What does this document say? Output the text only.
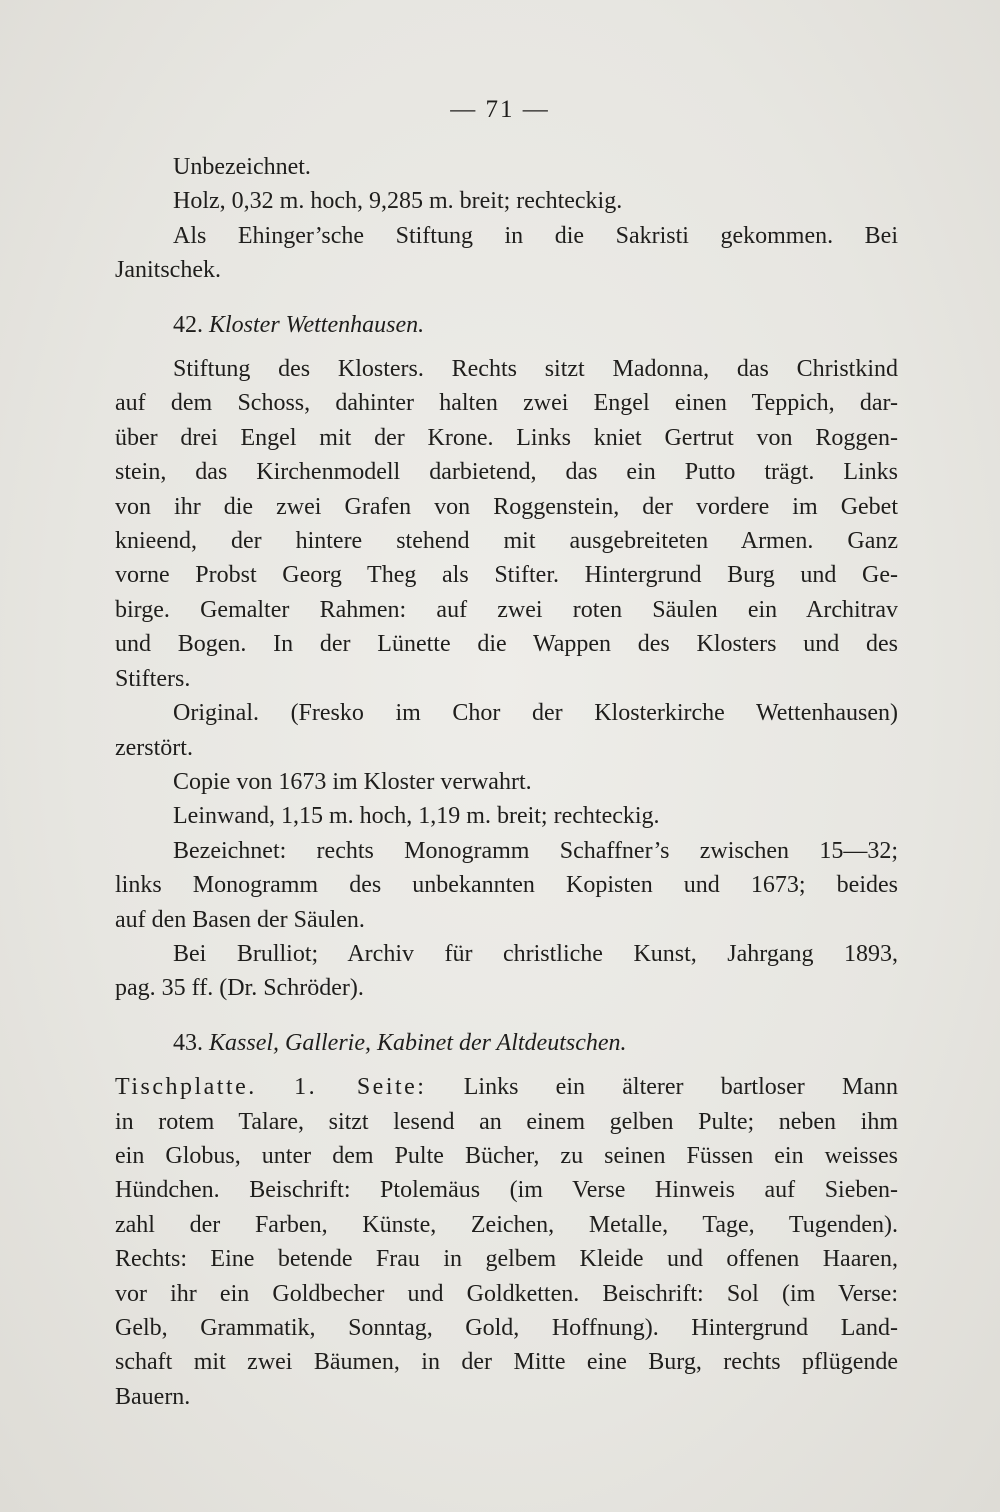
— 71 —
Unbezeichnet.
Holz, 0,32 m. hoch, 9,285 m. breit; rechteckig.
Als Ehinger’sche Stiftung in die Sakristi gekommen. Bei
Janitschek.
42. Kloster Wettenhausen.
Stiftung des Klosters. Rechts sitzt Madonna, das Christkind
auf dem Schoss, dahinter halten zwei Engel einen Teppich, dar-
über drei Engel mit der Krone. Links kniet Gertrut von Roggen-
stein, das Kirchenmodell darbietend, das ein Putto trägt. Links
von ihr die zwei Grafen von Roggenstein, der vordere im Gebet
knieend, der hintere stehend mit ausgebreiteten Armen. Ganz
vorne Probst Georg Theg als Stifter. Hintergrund Burg und Ge-
birge. Gemalter Rahmen: auf zwei roten Säulen ein Architrav
und Bogen. In der Lünette die Wappen des Klosters und des
Stifters.
Original. (Fresko im Chor der Klosterkirche Wettenhausen)
zerstört.
Copie von 1673 im Kloster verwahrt.
Leinwand, 1,15 m. hoch, 1,19 m. breit; rechteckig.
Bezeichnet: rechts Monogramm Schaffner’s zwischen 15—32;
links Monogramm des unbekannten Kopisten und 1673; beides
auf den Basen der Säulen.
Bei Brulliot; Archiv für christliche Kunst, Jahrgang 1893,
pag. 35 ff. (Dr. Schröder).
43. Kassel, Gallerie, Kabinet der Altdeutschen.
Tischplatte. 1. Seite: Links ein älterer bartloser Mann
in rotem Talare, sitzt lesend an einem gelben Pulte; neben ihm
ein Globus, unter dem Pulte Bücher, zu seinen Füssen ein weisses
Hündchen. Beischrift: Ptolemäus (im Verse Hinweis auf Sieben-
zahl der Farben, Künste, Zeichen, Metalle, Tage, Tugenden).
Rechts: Eine betende Frau in gelbem Kleide und offenen Haaren,
vor ihr ein Goldbecher und Goldketten. Beischrift: Sol (im Verse:
Gelb, Grammatik, Sonntag, Gold, Hoffnung). Hintergrund Land-
schaft mit zwei Bäumen, in der Mitte eine Burg, rechts pflügende
Bauern.
